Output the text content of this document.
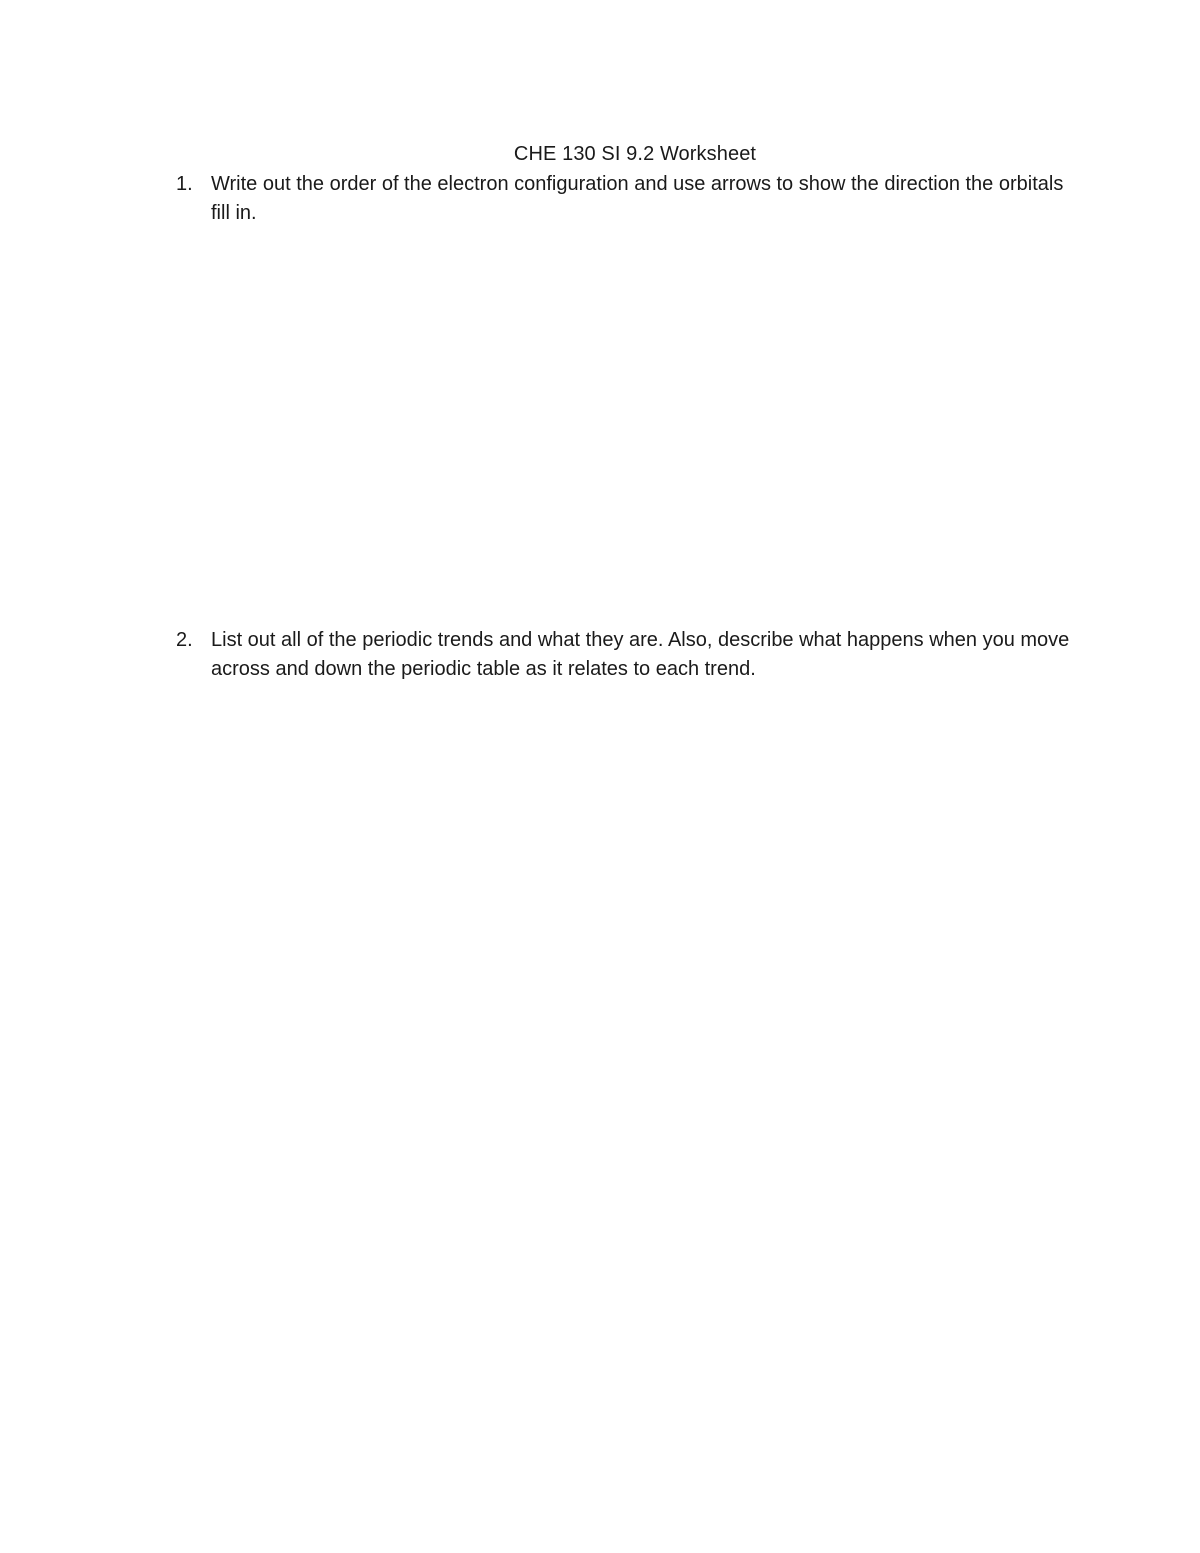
CHE 130 SI 9.2 Worksheet
1. Write out the order of the electron configuration and use arrows to show the direction the orbitals fill in.
2. List out all of the periodic trends and what they are. Also, describe what happens when you move across and down the periodic table as it relates to each trend.
